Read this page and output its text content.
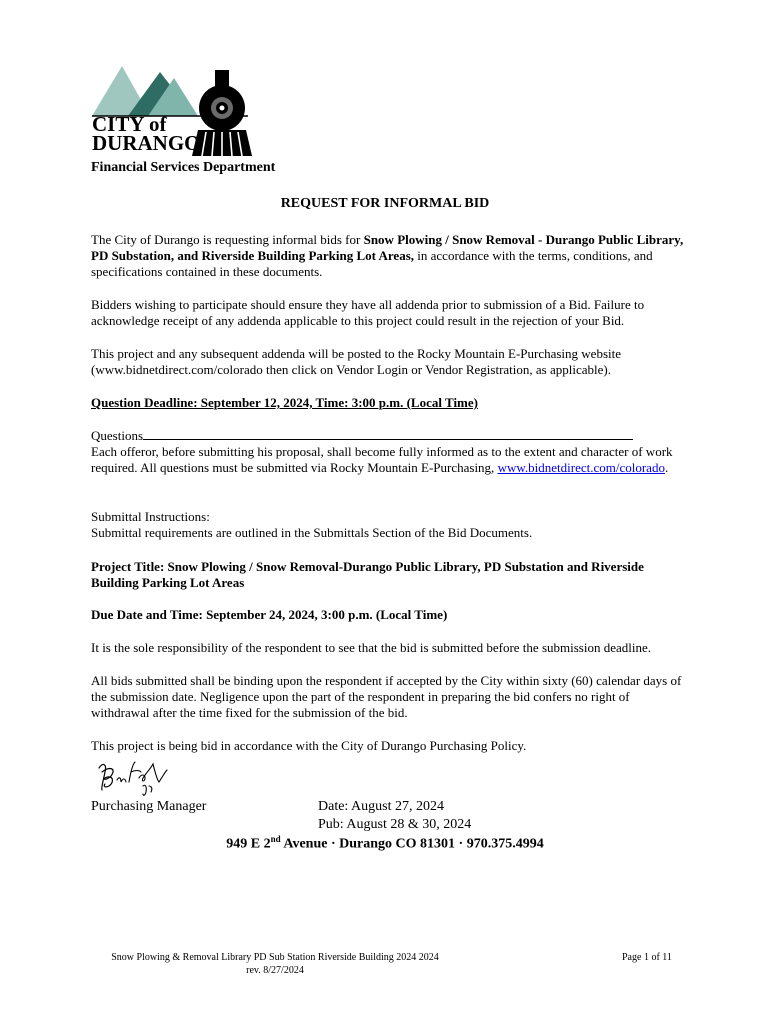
CITY of
DURANGO
Financial Services Department
REQUEST FOR INFORMAL BID

The City of Durango is requesting informal bids for Snow Plowing / Snow Removal - Durango Public Library, PD Substation, and Riverside Building Parking Lot Areas, in accordance with the terms, conditions, and specifications contained in these documents.

Bidders wishing to participate should ensure they have all addenda prior to submission of a Bid. Failure to acknowledge receipt of any addenda applicable to this project could result in the rejection of your Bid.

This project and any subsequent addenda will be posted to the Rocky Mountain E-Purchasing website (www.bidnetdirect.com/colorado then click on Vendor Login or Vendor Registration, as applicable).

Question Deadline: September 12, 2024, Time: 3:00 p.m. (Local Time)

Questions

Each offeror, before submitting his proposal, shall become fully informed as to the extent and character of work required. All questions must be submitted via Rocky Mountain E-Purchasing, www.bidnetdirect.com/colorado.

Submittal Instructions:

Submittal requirements are outlined in the Submittals Section of the Bid Documents.

Project Title: Snow Plowing / Snow Removal-Durango Public Library, PD Substation and Riverside Building Parking Lot Areas

Due Date and Time: September 24, 2024, 3:00 p.m. (Local Time)

It is the sole responsibility of the respondent to see that the bid is submitted before the submission deadline.

All bids submitted shall be binding upon the respondent if accepted by the City within sixty (60) calendar days of the submission date. Negligence upon the part of the respondent in preparing the bid confers no right of withdrawal after the time fixed for the submission of the bid.

This project is being bid in accordance with the City of Durango Purchasing Policy.

Purchasing Manager	Date: August 27, 2024
Pub: August 28 & 30, 2024
949 E 2nd Avenue · Durango CO 81301 · 970.375.4994
Snow Plowing & Removal Library PD Sub Station Riverside Building 2024 2024
rev. 8/27/2024
Page 1 of 11
